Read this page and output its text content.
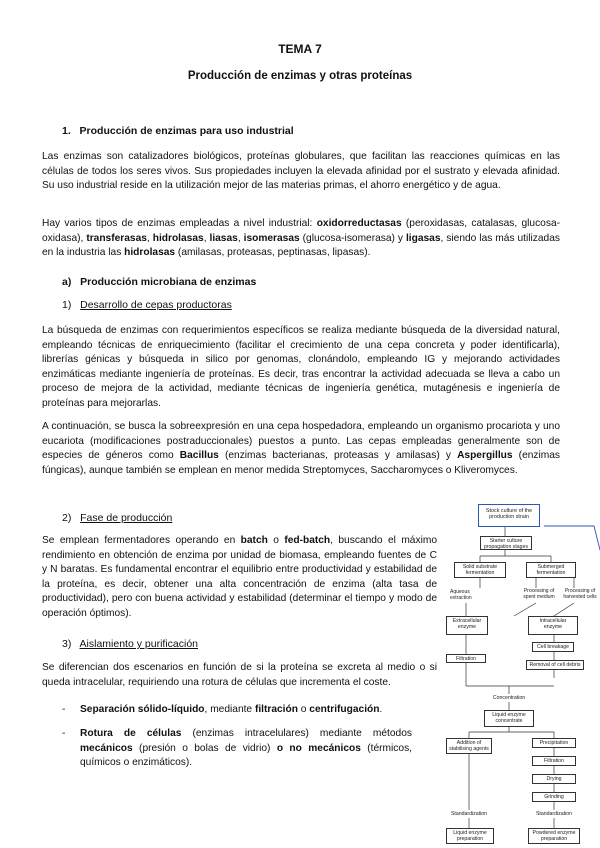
TEMA 7

Producción de enzimas y otras proteínas

1. Producción de enzimas para uso industrial

Las enzimas son catalizadores biológicos, proteínas globulares, que facilitan las reacciones químicas en las células de todos los seres vivos. Sus propiedades incluyen la elevada afinidad por el sustrato y elevada afinidad. Su uso industrial reside en la utilización mejor de las materias primas, el ahorro energético y de agua.

Hay varios tipos de enzimas empleadas a nivel industrial: oxidorreductasas (peroxidasas, catalasas, glucosa-oxidasa), transferasas, hidrolasas, liasas, isomerasas (glucosa-isomerasa) y ligasas, siendo las más utilizadas en la industria las hidrolasas (amilasas, proteasas, peptinasas, lipasas).

a) Producción microbiana de enzimas

1) Desarrollo de cepas productoras

La búsqueda de enzimas con requerimientos específicos se realiza mediante búsqueda de la diversidad natural, empleando técnicas de enriquecimiento (facilitar el crecimiento de una cepa concreta y poder identificarla), librerías génicas y búsqueda in silico por genomas, clonándolo, empleando IG y mejorando actividades enzimáticas mediante ingeniería de proteínas. Es decir, tras encontrar la actividad adecuada se lleva a cabo un proceso de mejora de la actividad, mediante técnicas de ingeniería genética, mutagénesis e ingeniería de proteínas para mejorarlas.

A continuación, se busca la sobreexpresión en una cepa hospedadora, empleando un organismo procariota y uno eucariota (modificaciones postraduccionales) puestos a punto. Las cepas empleadas generalmente son de especies de géneros como Bacillus (enzimas bacterianas, proteasas y amilasas) y Aspergillus (enzimas fúngicas), aunque también se emplean en menor medida Streptomyces, Saccharomyces o Kliveromyces.

2) Fase de producción

Se emplean fermentadores operando en batch o fed-batch, buscando el máximo rendimiento en obtención de enzima por unidad de biomasa, empleando fuentes de C y N baratas. Es fundamental encontrar el equilibrio entre productividad y estabilidad de la proteína, es decir, obtener una alta concentración de enzima (alta tasa de productividad), pero con buena actividad y estabilidad (determinar el tiempo y modo de operación óptimos).

3) Aislamiento y purificación

Se diferencian dos escenarios en función de si la proteína se excreta al medio o si queda intracelular, requiriendo una rotura de células que incrementa el coste.

- Separación sólido-líquido, mediante filtración o centrifugación.
- Rotura de células (enzimas intracelulares) mediante métodos mecánicos (presión o bolas de vidrio) o no mecánicos (térmicos, químicos o enzimáticos).
Stock culture of the production strain
Starter culture propagation stages
Solid substrate fermentation
Submerged fermentation
Aqueous extraction
Processing of spent medium
Processing of harvested cells
Extracellular enzyme
Intracellular enzyme
Cell breakage
Filtration
Removal of cell debris
Concentration
Liquid enzyme concentrate
Addition of stabilising agents
Precipitation
Filtration
Drying
Grinding
Standardization	Standardization
Liquid enzyme preparation
Powdered enzyme preparation
